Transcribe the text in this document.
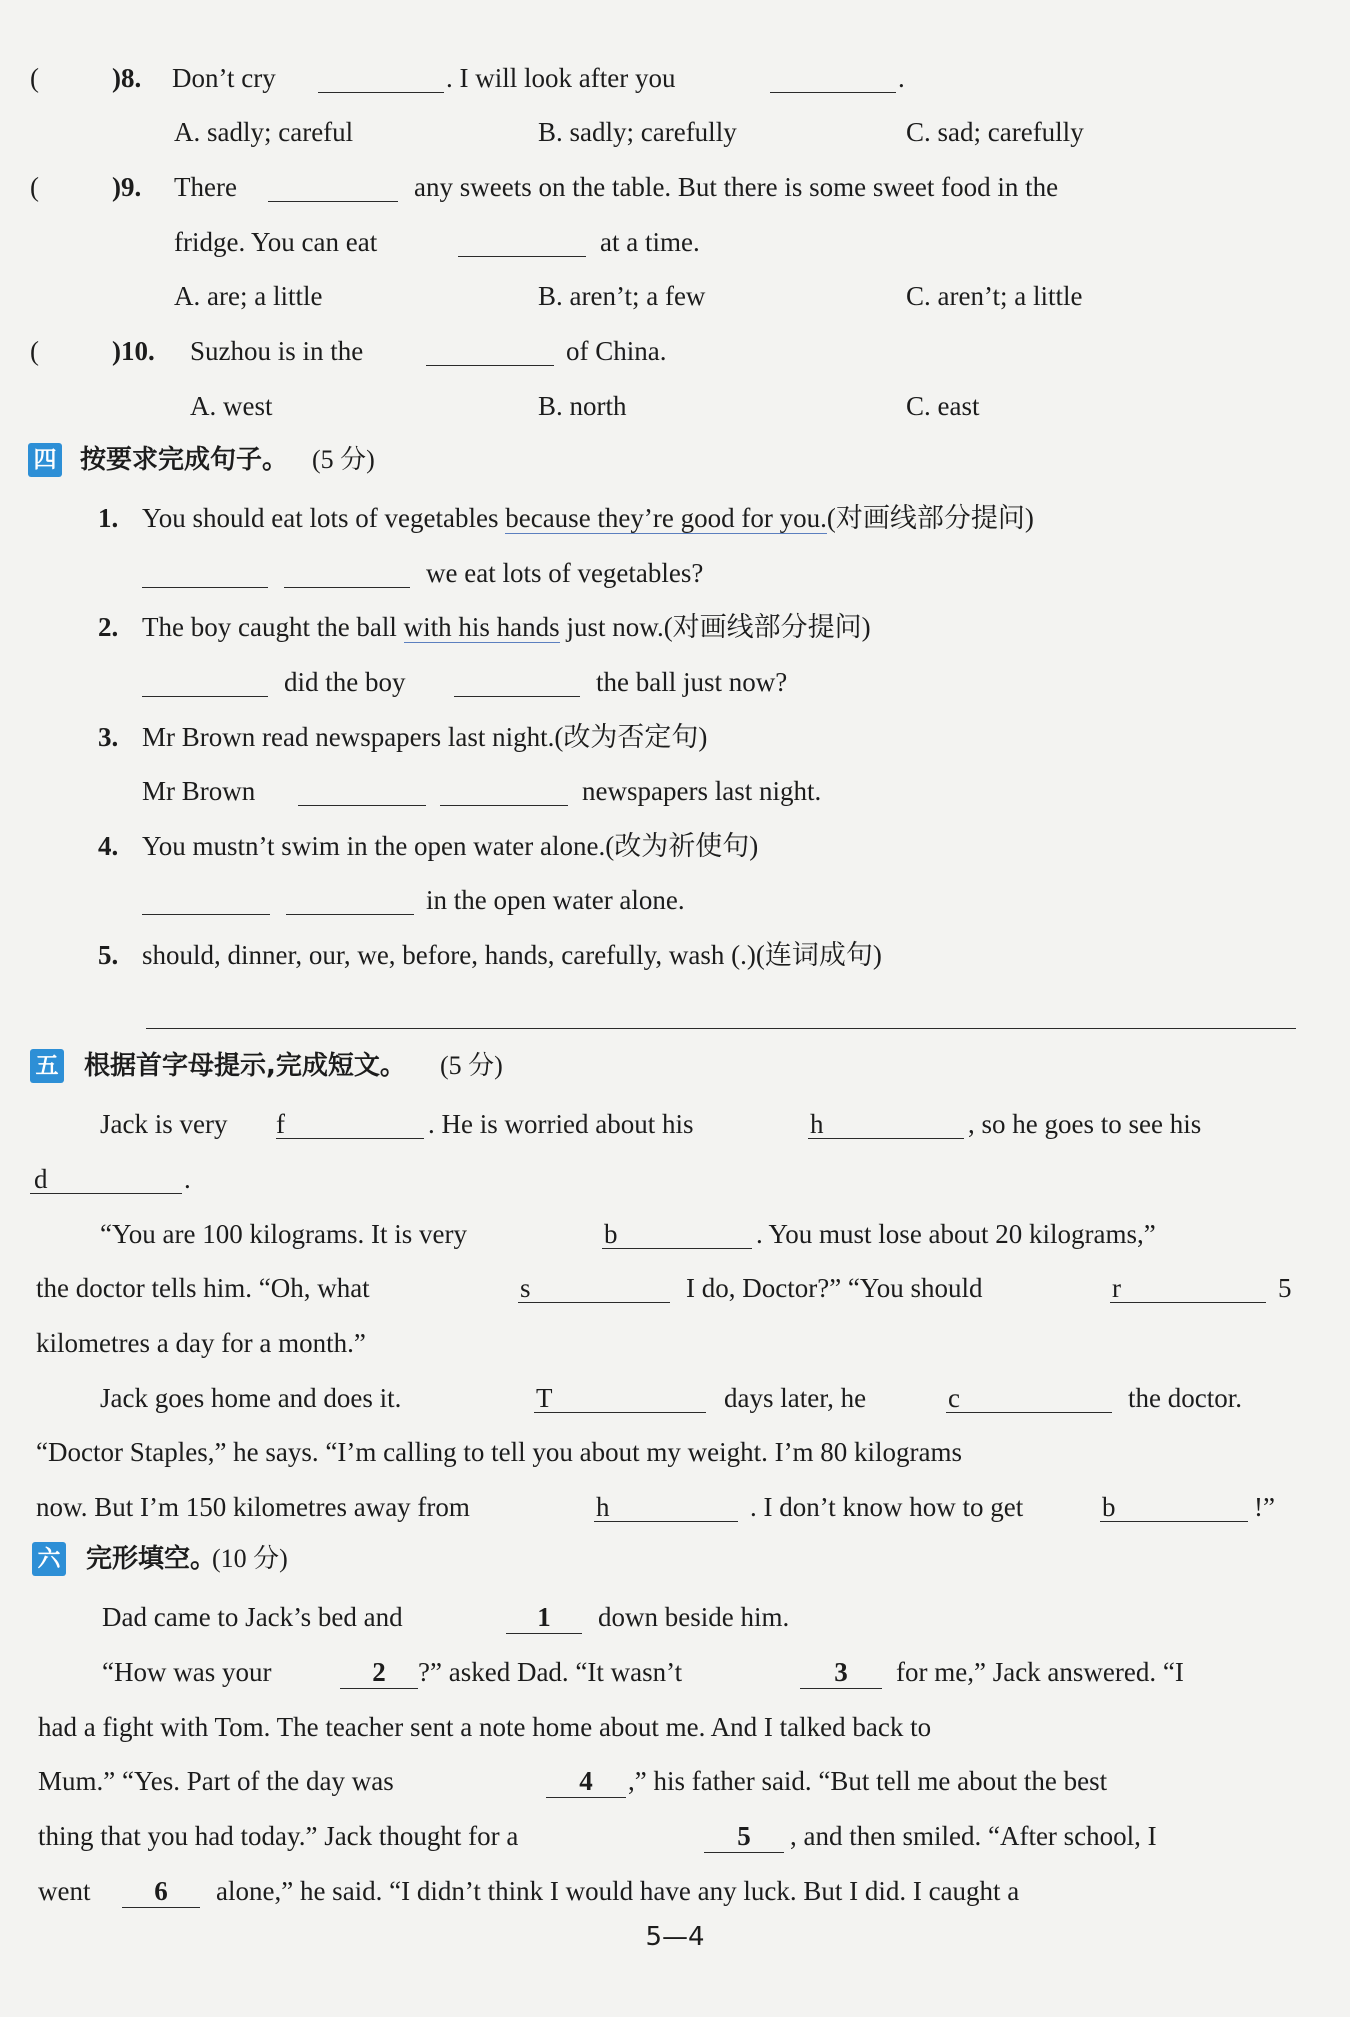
(	)8. Don’t cry	. I will look after you	.
A. sadly; careful	B. sadly; carefully	C. sad; carefully
(	)9. There	any sweets on the table. But there is some sweet food in the
fridge. You can eat	at a time.
A. are; a little	B. aren’t; a few	C. aren’t; a little
(	)10. Suzhou is in the	of China.
A. west	B. north	C. east
四 按要求完成句子。 (5 分)
1. You should eat lots of vegetables because they’re good for you.(对画线部分提问)
we eat lots of vegetables?
2. The boy caught the ball with his hands just now.(对画线部分提问)
did the boy	the ball just now?
3. Mr Brown read newspapers last night.(改为否定句)
Mr Brown	newspapers last night.
4. You mustn’t swim in the open water alone.(改为祈使句)
in the open water alone.
5. should, dinner, our, we, before, hands, carefully, wash (.)(连词成句)
五 根据首字母提示,完成短文。 (5 分)
Jack is very f	. He is worried about his	h	, so he goes to see his
d	.
“You are 100 kilograms. It is very	b	. You must lose about 20 kilograms,”
the doctor tells him. “Oh, what	s	I do, Doctor?” “You should	r	5
kilometres a day for a month.”
Jack goes home and does it.	T	days later, he	c	the doctor.
“Doctor Staples,” he says. “I’m calling to tell you about my weight. I’m 80 kilograms
now. But I’m 150 kilometres away from	h	. I don’t know how to get	b	!”
六 完形填空。
(10 分)
Dad came to Jack’s bed and	1	down beside him.
“How was your	2	?” asked Dad. “It wasn’t	3	for me,” Jack answered. “I
had a fight with Tom. The teacher sent a note home about me. And I talked back to
Mum.” “Yes. Part of the day was	4	,” his father said. “But tell me about the best
thing that you had today.” Jack thought for a	5	, and then smiled. “After school, I
went	6	alone,” he said. “I didn’t think I would have any luck. But I did. I caught a
5—4
